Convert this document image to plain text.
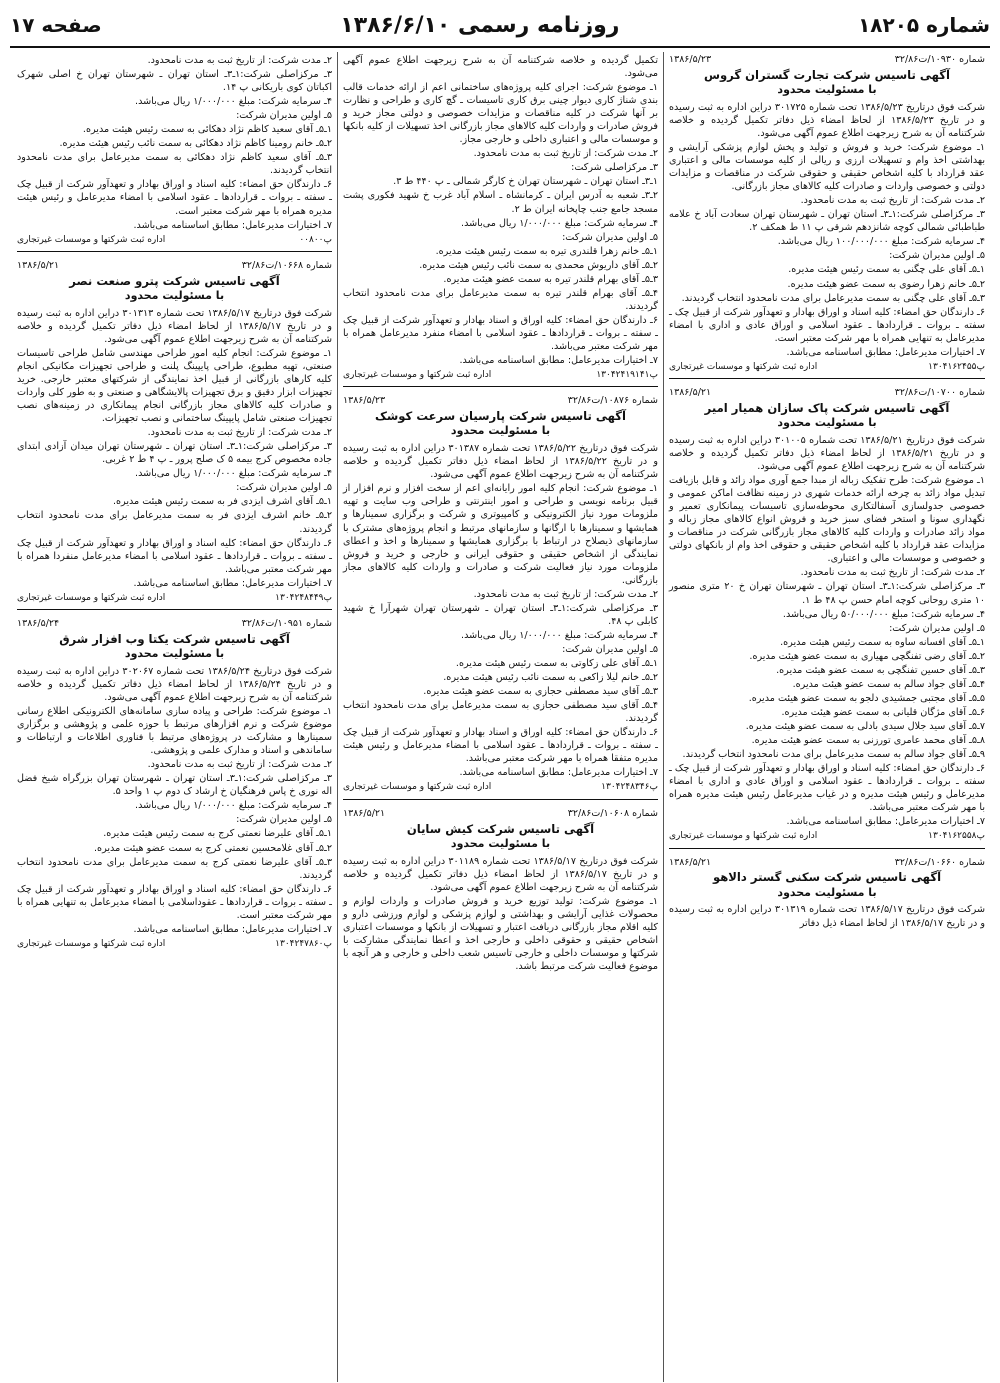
شماره ۱۸۲۰۵
روزنامه رسمی ۱۳۸۶/۶/۱۰
صفحه ۱۷
شماره ۱۰۹۳۰/ت۳۲/۸۶
۱۳۸۶/۵/۲۳
آگهی تاسیس شرکت تجارت گستران گروس
با مسئولیت محدود

شرکت فوق درتاریخ ۱۳۸۶/۵/۲۳ تحت شماره ۳۰۱۷۲۵ دراین اداره به ثبت رسیده و در تاریخ ۱۳۸۶/۵/۲۳ از لحاظ امضاء ذیل دفاتر تکمیل گردیده و خلاصه شرکتنامه آن به شرح زیرجهت اطلاع عموم آگهی می‌شود.

۱ـ موضوع شرکت: خرید و فروش و تولید و پخش لوازم پزشکی آرایشی و بهداشتی اخذ وام و تسهیلات ارزی و ریالی از کلیه موسسات مالی و اعتباری عقد قرارداد با کلیه اشخاص حقیقی و حقوقی شرکت در مناقصات و مزایدات دولتی و خصوصی واردات و صادرات کلیه کالاهای مجاز بازرگانی.

۲ـ مدت شرکت: از تاریخ ثبت به مدت نامحدود.

۳ـ مرکزاصلی شرکت:۱ـ۳ـ استان تهران ـ شهرستان تهران سعادت آباد خ علامه طباطبائی شمالی کوچه شانزدهم شرقی پ ۱۱ ط همکف ۲.

۴ـ سرمایه شرکت: مبلغ ۱۰۰/۰۰۰/۰۰۰ ریال می‌باشد.

۵ـ اولین مدیران شرکت:

۱ـ۵ـ آقای علی چگنی به سمت رئیس هیئت مدیره.

۲ـ۵ـ خانم زهرا رضوی به سمت عضو هیئت مدیره.

۳ـ۵ـ آقای علی چگنی به سمت مدیرعامل برای مدت نامحدود انتخاب گردیدند.

۶ـ دارندگان حق امضاء: کلیه اسناد و اوراق بهادار و تعهدآور شرکت از قبیل چک ـ سفته ـ بروات ـ قراردادها ـ عقود اسلامی و اوراق عادی و اداری با امضاء مدیرعامل به تنهایی همراه با مهر شرکت معتبر است.

۷ـ اختیارات مدیرعامل: مطابق اساسنامه می‌باشد.

پ۱۳۰۴۱۶۲۴۵۵
اداره ثبت شرکتها و موسسات غیرتجاری
شماره ۱۰۷۰۰/ت۳۲/۸۶
۱۳۸۶/۵/۲۱
آگهی تاسیس شرکت پاک سازان همیار امیر
با مسئولیت محدود

شرکت فوق درتاریخ ۱۳۸۶/۵/۲۱ تحت شماره ۳۰۱۰۰۵ دراین اداره به ثبت رسیده و در تاریخ ۱۳۸۶/۵/۲۱ از لحاظ امضاء ذیل دفاتر تکمیل گردیده و خلاصه شرکتنامه آن به شرح زیرجهت اطلاع عموم آگهی می‌شود.

۱ـ موضوع شرکت: طرح تفکیک زباله از مبدا جمع آوری مواد زائد و قابل بازیافت تبدیل مواد زائد به چرخه ارائه خدمات شهری در زمینه نظافت اماکن عمومی و خصوصی جدولسازی آسفالتکاری محوطه‌سازی تاسیسات پیمانکاری تعمیر و نگهداری سونا و استخر فضای سبز خرید و فروش انواع کالاهای مجاز زباله و مواد زائد صادرات و واردات کلیه کالاهای مجاز بازرگانی شرکت در مناقصات و مزایدات عقد قرارداد با کلیه اشخاص حقیقی و حقوقی اخذ وام از بانکهای دولتی و خصوصی و موسسات مالی و اعتباری.

۲ـ مدت شرکت: از تاریخ ثبت به مدت نامحدود.

۳ـ مرکزاصلی شرکت:۱ـ۳ـ استان تهران ـ شهرستان تهران خ ۲۰ متری منصور ۱۰ متری روحانی کوچه امام حسن پ ۴۸ ط ۱.

۴ـ سرمایه شرکت: مبلغ ۵۰/۰۰۰/۰۰۰ ریال می‌باشد.

۵ـ اولین مدیران شرکت:

۱ـ۵ـ آقای افسانه ساوه به سمت رئیس هیئت مدیره.

۲ـ۵ـ آقای رضی تفنگچی مهیاری به سمت عضو هیئت مدیره.

۳ـ۵ـ آقای حسین تفنگچی به سمت عضو هیئت مدیره.

۴ـ۵ـ آقای جواد سالم به سمت عضو هیئت مدیره.

۵ـ۵ـ آقای مجتبی جمشیدی دلجو به سمت عضو هیئت مدیره.

۶ـ۵ـ آقای مژگان قلیانی به سمت عضو هیئت مدیره.

۷ـ۵ـ آقای سید جلال سیدی بادلی به سمت عضو هیئت مدیره.

۸ـ۵ـ آقای محمد عامری تورزنی به سمت عضو هیئت مدیره.

۹ـ۵ـ آقای جواد سالم به سمت مدیرعامل برای مدت نامحدود انتخاب گردیدند.

۶ـ دارندگان حق امضاء: کلیه اسناد و اوراق بهادار و تعهدآور شرکت از قبیل چک ـ سفته ـ بروات ـ قراردادها ـ عقود اسلامی و اوراق عادی و اداری با امضاء مدیرعامل و رئیس هیئت مدیره و در غیاب مدیرعامل رئیس هیئت مدیره همراه با مهر شرکت معتبر می‌باشد.

۷ـ اختیارات مدیرعامل: مطابق اساسنامه می‌باشد.

پ۱۳۰۴۱۶۲۵۵۸
اداره ثبت شرکتها و موسسات غیرتجاری
شماره ۱۰۶۶۰/ت۳۲/۸۶
۱۳۸۶/۵/۲۱
آگهی تاسیس شرکت سکنی گستر دالاهو
با مسئولیت محدود

شرکت فوق درتاریخ ۱۳۸۶/۵/۱۷ تحت شماره ۳۰۱۳۱۹ دراین اداره به ثبت رسیده و در تاریخ ۱۳۸۶/۵/۱۷ از لحاظ امضاء ذیل دفاتر

تکمیل گردیده و خلاصه شرکتنامه آن به شرح زیرجهت اطلاع عموم آگهی می‌شود.

۱ـ موضوع شرکت: اجرای کلیه پروژه‌های ساختمانی اعم از ارائه خدمات قالب بندی شناژ کاری دیوار چینی برق کاری تاسیسات ـ گچ کاری و طراحی و نظارت بر آنها شرکت در کلیه مناقصات و مزایدات خصوصی و دولتی مجاز خرید و فروش صادرات و واردات کلیه کالاهای مجاز بازرگانی اخذ تسهیلات از کلیه بانکها و موسسات مالی و اعتباری داخلی و خارجی مجاز.

۲ـ مدت شرکت: از تاریخ ثبت به مدت نامحدود.

۳ـ مرکزاصلی شرکت:

۱ـ۳ـ استان تهران ـ شهرستان تهران خ کارگر شمالی ـ پ ۴۴۰ ط ۳.

۲ـ۳ـ شعبه به آدرس ایران ـ کرمانشاه ـ اسلام آباد غرب خ شهید فکوری پشت مسجد جامع جنب چاپخانه ایران ط ۲.

۴ـ سرمایه شرکت: مبلغ ۱/۰۰۰/۰۰۰ ریال می‌باشد.

۵ـ اولین مدیران شرکت:

۱ـ۵ـ خانم زهرا قلندری تیره به سمت رئیس هیئت مدیره.

۲ـ۵ـ آقای داریوش محمدی به سمت نائب رئیس هیئت مدیره.

۳ـ۵ـ آقای بهرام قلندر تیره به سمت عضو هیئت مدیره.

۴ـ۵ـ آقای بهرام قلندر تیره به سمت مدیرعامل برای مدت نامحدود انتخاب گردیدند.

۶ـ دارندگان حق امضاء: کلیه اوراق و اسناد بهادار و تعهدآور شرکت از قبیل چک ـ سفته ـ بروات ـ قراردادها ـ عقود اسلامی با امضاء منفرد مدیرعامل همراه با مهر شرکت معتبر می‌باشد.

۷ـ اختیارات مدیرعامل: مطابق اساسنامه می‌باشد.

پ۱۳۰۴۲۴۱۹۱۴۱
اداره ثبت شرکتها و موسسات غیرتجاری
شماره ۱۰۸۷۶/ت۳۲/۸۶
۱۳۸۶/۵/۲۳
آگهی تاسیس شرکت پارسیان سرعت کوشک
با مسئولیت محدود

شرکت فوق درتاریخ ۱۳۸۶/۵/۲۲ تحت شماره ۳۰۱۳۸۷ دراین اداره به ثبت رسیده و در تاریخ ۱۳۸۶/۵/۲۲ از لحاظ امضاء ذیل دفاتر تکمیل گردیده و خلاصه شرکتنامه آن به شرح زیرجهت اطلاع عموم آگهی می‌شود.

۱ـ موضوع شرکت: انجام کلیه امور رایانه‌ای اعم از سخت افزار و نرم افزار از قبیل برنامه نویسی و طراحی و امور اینترنتی و طراحی وب سایت و تهیه ملزومات مورد نیاز الکترونیکی و کامپیوتری و شرکت و برگزاری سمینارها و همایشها و سمینارها با ارگانها و سازمانهای مرتبط و انجام پروژه‌های مشترک با سازمانهای ذیصلاح در ارتباط با برگزاری همایشها و سمینارها و اخذ و اعطای نمایندگی از اشخاص حقیقی و حقوقی ایرانی و خارجی و خرید و فروش ملزومات مورد نیاز فعالیت شرکت و صادرات و واردات کلیه کالاهای مجاز بازرگانی.

۲ـ مدت شرکت: از تاریخ ثبت به مدت نامحدود.

۳ـ مرکزاصلی شرکت:۱ـ۳ـ استان تهران ـ شهرستان تهران شهرآرا خ شهید کابلی پ ۴۸.

۴ـ سرمایه شرکت: مبلغ ۱/۰۰۰/۰۰۰ ریال می‌باشد.

۵ـ اولین مدیران شرکت:

۱ـ۵ـ آقای علی زکاوتی به سمت رئیس هیئت مدیره.

۲ـ۵ـ خانم لیلا زاکعی به سمت نائب رئیس هیئت مدیره.

۳ـ۵ـ آقای سید مصطفی حجازی به سمت عضو هیئت مدیره.

۴ـ۵ـ آقای سید مصطفی حجازی به سمت مدیرعامل برای مدت نامحدود انتخاب گردیدند.

۶ـ دارندگان حق امضاء: کلیه اوراق و اسناد بهادار و تعهدآور شرکت از قبیل چک ـ سفته ـ بروات ـ قراردادها ـ عقود اسلامی با امضاء مدیرعامل و رئیس هیئت مدیره متفقا همراه با مهر شرکت معتبر می‌باشد.

۷ـ اختیارات مدیرعامل: مطابق اساسنامه می‌باشد.

پ۱۳۰۴۲۴۸۳۴۶
اداره ثبت شرکتها و موسسات غیرتجاری
شماره ۱۰۶۰۸/ت۳۲/۸۶
۱۳۸۶/۵/۲۱
آگهی تاسیس شرکت کیش سایان
با مسئولیت محدود

شرکت فوق درتاریخ ۱۳۸۶/۵/۱۷ تحت شماره ۳۰۱۱۸۹ دراین اداره به ثبت رسیده و در تاریخ ۱۳۸۶/۵/۱۷ از لحاظ امضاء ذیل دفاتر تکمیل گردیده و خلاصه شرکتنامه آن به شرح زیرجهت اطلاع عموم آگهی می‌شود.

۱ـ موضوع شرکت: تولید توزیع خرید و فروش صادرات و واردات لوازم و محصولات غذایی آرایشی و بهداشتی و لوازم پزشکی و لوازم ورزشی دارو و کلیه اقلام مجاز بازرگانی دریافت اعتبار و تسهیلات از بانکها و موسسات اعتباری اشخاص حقیقی و حقوقی داخلی و خارجی اخذ و اعطا نمایندگی مشارکت با شرکتها و موسسات داخلی و خارجی تاسیس شعب داخلی و خارجی و هر آنچه با موضوع فعالیت شرکت مرتبط باشد.

۲ـ مدت شرکت: از تاریخ ثبت به مدت نامحدود.

۳ـ مرکزاصلی شرکت:۱ـ۳ـ استان تهران ـ شهرستان تهران خ اصلی شهرک اکباتان کوی باریکانی پ ۱۴.

۴ـ سرمایه شرکت: مبلغ ۱/۰۰۰/۰۰۰ ریال می‌باشد.

۵ـ اولین مدیران شرکت:

۱ـ۵ـ آقای سعید کاظم نژاد دهکائی به سمت رئیس هیئت مدیره.

۲ـ۵ـ خانم رومینا کاظم نژاد دهکائی به سمت نائب رئیس هیئت مدیره.

۳ـ۵ـ آقای سعید کاظم نژاد دهکائی به سمت مدیرعامل برای مدت نامحدود انتخاب گردیدند.

۶ـ دارندگان حق امضاء: کلیه اسناد و اوراق بهادار و تعهدآور شرکت از قبیل چک ـ سفته ـ بروات ـ قراردادها ـ عقود اسلامی با امضاء مدیرعامل و رئیس هیئت مدیره همراه با مهر شرکت معتبر است.

۷ـ اختیارات مدیرعامل: مطابق اساسنامه می‌باشد.

پ۰۰۸۰۰
اداره ثبت شرکتها و موسسات غیرتجاری
شماره ۱۰۶۶۸/ت۳۲/۸۶
۱۳۸۶/۵/۲۱
آگهی تاسیس شرکت پترو صنعت نصر
با مسئولیت محدود

شرکت فوق درتاریخ ۱۳۸۶/۵/۱۷ تحت شماره ۳۰۱۳۱۳ دراین اداره به ثبت رسیده و در تاریخ ۱۳۸۶/۵/۱۷ از لحاظ امضاء ذیل دفاتر تکمیل گردیده و خلاصه شرکتنامه آن به شرح زیرجهت اطلاع عموم آگهی می‌شود.

۱ـ موضوع شرکت: انجام کلیه امور طراحی مهندسی شامل طراحی تاسیسات صنعتی، تهیه مطبوع، طراحی پایپینگ پلنت و طراحی تجهیزات مکانیکی انجام کلیه کارهای بازرگانی از قبیل اخذ نمایندگی از شرکتهای معتبر خارجی. خرید تجهیزات ابزار دقیق و برق تجهیزات پالایشگاهی و صنعتی و به طور کلی واردات و صادرات کلیه کالاهای مجاز بازرگانی انجام پیمانکاری در زمینه‌های نصب تجهیزات صنعتی شامل پایپینگ ساختمانی و نصب تجهیزات.

۲ـ مدت شرکت: از تاریخ ثبت به مدت نامحدود.

۳ـ مرکزاصلی شرکت:۱ـ۳ـ استان تهران ـ شهرستان تهران میدان آزادی ابتدای جاده مخصوص کرج بیمه ۵ ک صلح پرور ـ پ ۴ ط ۲ غربی.

۴ـ سرمایه شرکت: مبلغ ۱/۰۰۰/۰۰۰ ریال می‌باشد.

۵ـ اولین مدیران شرکت:

۱ـ۵ـ آقای اشرف ایزدی فر به سمت رئیس هیئت مدیره.

۲ـ۵ـ خانم اشرف ایزدی فر به سمت مدیرعامل برای مدت نامحدود انتخاب گردیدند.

۶ـ دارندگان حق امضاء: کلیه اسناد و اوراق بهادار و تعهدآور شرکت از قبیل چک ـ سفته ـ بروات ـ قراردادها ـ عقود اسلامی با امضاء مدیرعامل منفردا همراه با مهر شرکت معتبر می‌باشد.

۷ـ اختیارات مدیرعامل: مطابق اساسنامه می‌باشد.

پ۱۳۰۴۲۴۸۴۴۹
اداره ثبت شرکتها و موسسات غیرتجاری
شماره ۱۰۹۵۱/ت۳۲/۸۶
۱۳۸۶/۵/۲۴
آگهی تاسیس شرکت یکتا وب افزار شرق
با مسئولیت محدود

شرکت فوق درتاریخ ۱۳۸۶/۵/۲۴ تحت شماره ۳۰۲۰۶۷ دراین اداره به ثبت رسیده و در تاریخ ۱۳۸۶/۵/۲۴ از لحاظ امضاء ذیل دفاتر تکمیل گردیده و خلاصه شرکتنامه آن به شرح زیرجهت اطلاع عموم آگهی می‌شود.

۱ـ موضوع شرکت: طراحی و پیاده سازی سامانه‌های الکترونیکی اطلاع رسانی موضوع شرکت و نرم افزارهای مرتبط با حوزه علمی و پژوهشی و برگزاری سمینارها و مشارکت در پروژه‌های مرتبط با فناوری اطلاعات و ارتباطات و ساماندهی و اسناد و مدارک علمی و پژوهشی.

۲ـ مدت شرکت: از تاریخ ثبت به مدت نامحدود.

۳ـ مرکزاصلی شرکت:۱ـ۳ـ استان تهران ـ شهرستان تهران بزرگراه شیخ فضل اله نوری خ پاس فرهنگیان خ ارشاد ک دوم پ ۱ واحد ۵.

۴ـ سرمایه شرکت: مبلغ ۱/۰۰۰/۰۰۰ ریال می‌باشد.

۵ـ اولین مدیران شرکت:

۱ـ۵ـ آقای علیرضا نعمتی کرج به سمت رئیس هیئت مدیره.

۲ـ۵ـ آقای غلامحسین نعمتی کرج به سمت عضو هیئت مدیره.

۳ـ۵ـ آقای علیرضا نعمتی کرج به سمت مدیرعامل برای مدت نامحدود انتخاب گردیدند.

۶ـ دارندگان حق امضاء: کلیه اسناد و اوراق بهادار و تعهدآور شرکت از قبیل چک ـ سفته ـ بروات ـ قراردادها ـ عقوداسلامی با امضاء مدیرعامل به تنهایی همراه با مهر شرکت معتبر است.

۷ـ اختیارات مدیرعامل: مطابق اساسنامه می‌باشد.

پ۱۳۰۴۲۴۷۸۶۰
اداره ثبت شرکتها و موسسات غیرتجاری
